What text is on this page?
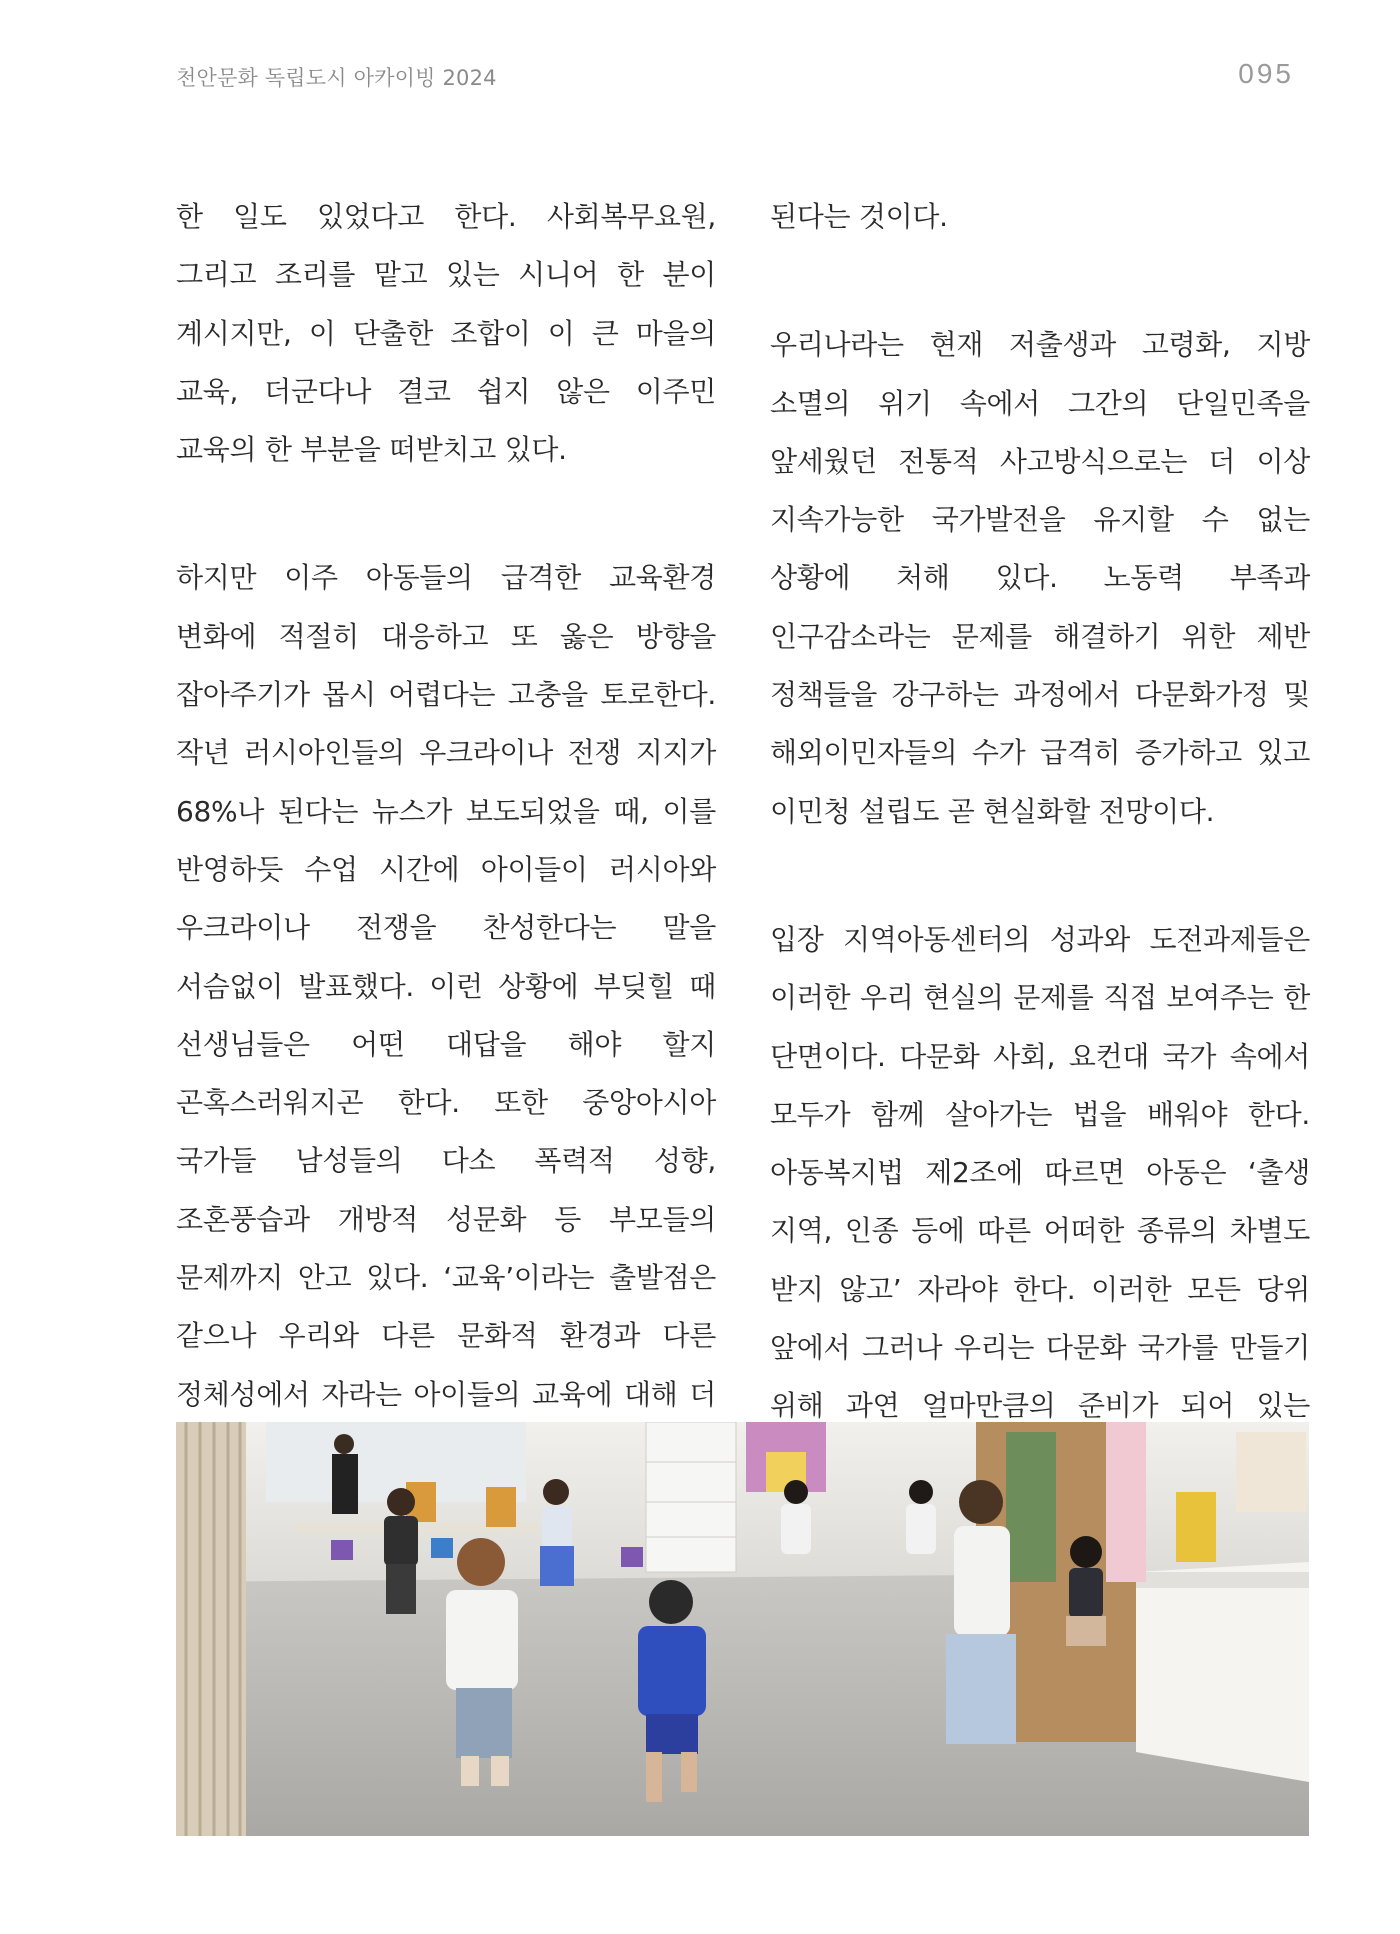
천안문화 독립도시 아카이빙 2024	095

한 일도 있었다고 한다. 사회복무요원, 그리고 조리를 맡고 있는 시니어 한 분이 계시지만, 이 단출한 조합이 이 큰 마을의 교육, 더군다나 결코 쉽지 않은 이주민 교육의 한 부분을 떠받치고 있다.

하지만 이주 아동들의 급격한 교육환경 변화에 적절히 대응하고 또 옳은 방향을 잡아주기가 몹시 어렵다는 고충을 토로한다. 작년 러시아인들의 우크라이나 전쟁 지지가 68%나 된다는 뉴스가 보도되었을 때, 이를 반영하듯 수업 시간에 아이들이 러시아와 우크라이나 전쟁을 찬성한다는 말을 서슴없이 발표했다. 이런 상황에 부딪힐 때 선생님들은 어떤 대답을 해야 할지 곤혹스러워지곤 한다. 또한 중앙아시아 국가들 남성들의 다소 폭력적 성향, 조혼풍습과 개방적 성문화 등 부모들의 문제까지 안고 있다. ‘교육’이라는 출발점은 같으나 우리와 다른 문화적 환경과 다른 정체성에서 자라는 아이들의 교육에 대해 더

된다는 것이다.

우리나라는 현재 저출생과 고령화, 지방 소멸의 위기 속에서 그간의 단일민족을 앞세웠던 전통적 사고방식으로는 더 이상 지속가능한 국가발전을 유지할 수 없는 상황에 처해 있다. 노동력 부족과 인구감소라는 문제를 해결하기 위한 제반 정책들을 강구하는 과정에서 다문화가정 및 해외이민자들의 수가 급격히 증가하고 있고 이민청 설립도 곧 현실화할 전망이다.

입장 지역아동센터의 성과와 도전과제들은 이러한 우리 현실의 문제를 직접 보여주는 한 단면이다. 다문화 사회, 요컨대 국가 속에서 모두가 함께 살아가는 법을 배워야 한다. 아동복지법 제2조에 따르면 아동은 ‘출생 지역, 인종 등에 따른 어떠한 종류의 차별도 받지 않고’ 자라야 한다. 이러한 모든 당위 앞에서 그러나 우리는 다문화 국가를 만들기 위해 과연 얼마만큼의 준비가 되어 있는
